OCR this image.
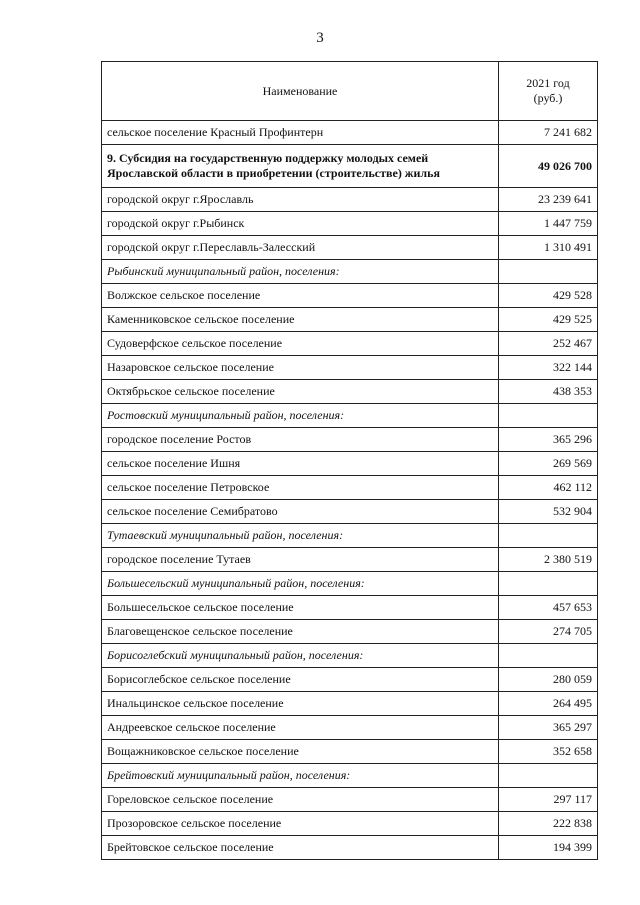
3
Наименование	2021 год
(руб.)
сельское поселение Красный Профинтерн	7 241 682
9. Субсидия на государственную поддержку молодых семей
Ярославской области в приобретении (строительстве) жилья	49 026 700
городской округ г.Ярославль	23 239 641
городской округ г.Рыбинск	1 447 759
городской округ г.Переславль-Залесский	1 310 491
Рыбинский муниципальный район, поселения:	
Волжское сельское поселение	429 528
Каменниковское сельское поселение	429 525
Судоверфское сельское поселение	252 467
Назаровское сельское поселение	322 144
Октябрьское сельское поселение	438 353
Ростовский муниципальный район, поселения:	
городское поселение Ростов	365 296
сельское поселение Ишня	269 569
сельское поселение Петровское	462 112
сельское поселение Семибратово	532 904
Тутаевский муниципальный район, поселения:	
городское поселение Тутаев	2 380 519
Большесельский муниципальный район, поселения:	
Большесельское сельское поселение	457 653
Благовещенское сельское поселение	274 705
Борисоглебский муниципальный район, поселения:	
Борисоглебское сельское поселение	280 059
Инальцинское сельское поселение	264 495
Андреевское сельское поселение	365 297
Вощажниковское сельское поселение	352 658
Брейтовский муниципальный район, поселения:	
Гореловское сельское поселение	297 117
Прозоровское сельское поселение	222 838
Брейтовское сельское поселение	194 399
